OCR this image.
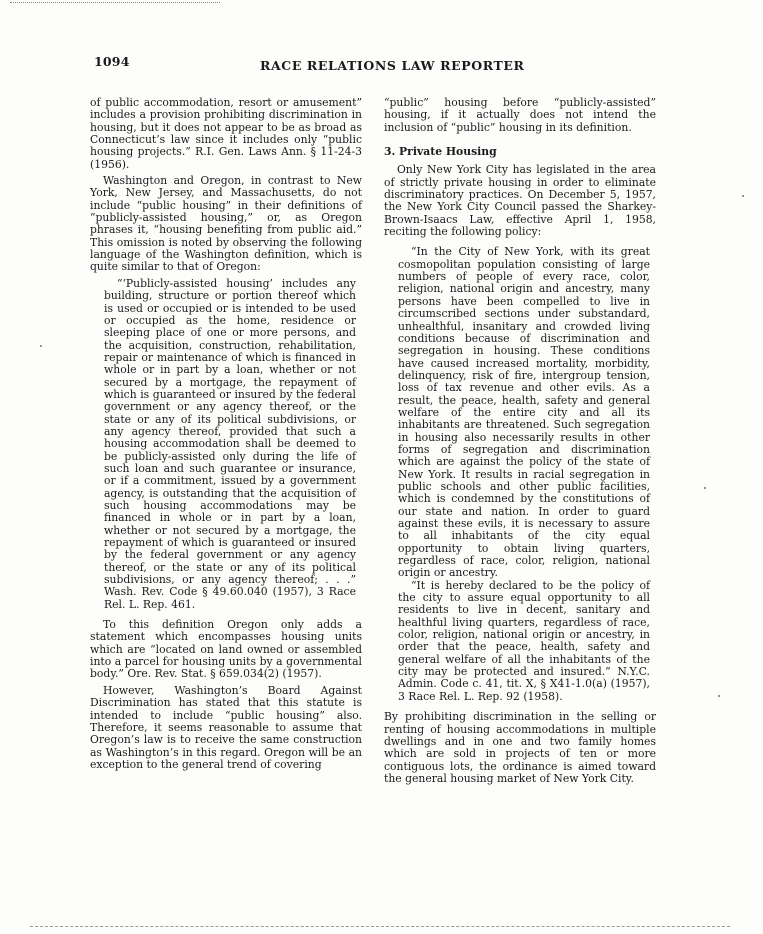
1094	RACE RELATIONS LAW REPORTER

of public accommodation, resort or amusement” includes a provision prohibiting discrimination in housing, but it does not appear to be as broad as Connecticut’s law since it includes only “public housing projects.” R.I. Gen. Laws Ann. § 11-24-3 (1956).

Washington and Oregon, in contrast to New York, New Jersey, and Massachusetts, do not include “public housing” in their definitions of “publicly-assisted housing,” or, as Oregon phrases it, “housing benefiting from public aid.” This omission is noted by observing the following language of the Washington definition, which is quite similar to that of Oregon:

“‘Publicly-assisted housing’ includes any building, structure or portion thereof which is used or occupied or is intended to be used or occupied as the home, residence or sleeping place of one or more persons, and the acquisition, construction, rehabilitation, repair or maintenance of which is financed in whole or in part by a loan, whether or not secured by a mortgage, the repayment of which is guaranteed or insured by the federal government or any agency thereof, or the state or any of its political subdivisions, or any agency thereof, provided that such a housing accommodation shall be deemed to be publicly-assisted only during the life of such loan and such guarantee or insurance, or if a commitment, issued by a government agency, is outstanding that the acquisition of such housing accommodations may be financed in whole or in part by a loan, whether or not secured by a mortgage, the repayment of which is guaranteed or insured by the federal government or any agency thereof, or the state or any of its political subdivisions, or any agency thereof; . . .” Wash. Rev. Code § 49.60.040 (1957), 3 Race Rel. L. Rep. 461.

To this definition Oregon only adds a statement which encompasses housing units which are “located on land owned or assembled into a parcel for housing units by a governmental body.” Ore. Rev. Stat. § 659.034(2) (1957).

However, Washington’s Board Against Discrimination has stated that this statute is intended to include “public housing” also. Therefore, it seems reasonable to assume that Oregon’s law is to receive the same construction as Washington’s in this regard. Oregon will be an exception to the general trend of covering

“public” housing before “publicly-assisted” housing, if it actually does not intend the inclusion of “public” housing in its definition.

3. Private Housing

Only New York City has legislated in the area of strictly private housing in order to eliminate discriminatory practices. On December 5, 1957, the New York City Council passed the Sharkey-Brown-Isaacs Law, effective April 1, 1958, reciting the following policy:

“In the City of New York, with its great cosmopolitan population consisting of large numbers of people of every race, color, religion, national origin and ancestry, many persons have been compelled to live in circumscribed sections under substandard, unhealthful, insanitary and crowded living conditions because of discrimination and segregation in housing. These conditions have caused increased mortality, morbidity, delinquency, risk of fire, intergroup tension, loss of tax revenue and other evils. As a result, the peace, health, safety and general welfare of the entire city and all its inhabitants are threatened. Such segregation in housing also necessarily results in other forms of segregation and discrimination which are against the policy of the state of New York. It results in racial segregation in public schools and other public facilities, which is condemned by the constitutions of our state and nation. In order to guard against these evils, it is necessary to assure to all inhabitants of the city equal opportunity to obtain living quarters, regardless of race, color, religion, national origin or ancestry.

“It is hereby declared to be the policy of the city to assure equal opportunity to all residents to live in decent, sanitary and healthful living quarters, regardless of race, color, religion, national origin or ancestry, in order that the peace, health, safety and general welfare of all the inhabitants of the city may be protected and insured.” N.Y.C. Admin. Code c. 41, tit. X, § X41-1.0(a) (1957), 3 Race Rel. L. Rep. 92 (1958).

By prohibiting discrimination in the selling or renting of housing accommodations in multiple dwellings and in one and two family homes which are sold in projects of ten or more contiguous lots, the ordinance is aimed toward the general housing market of New York City.
